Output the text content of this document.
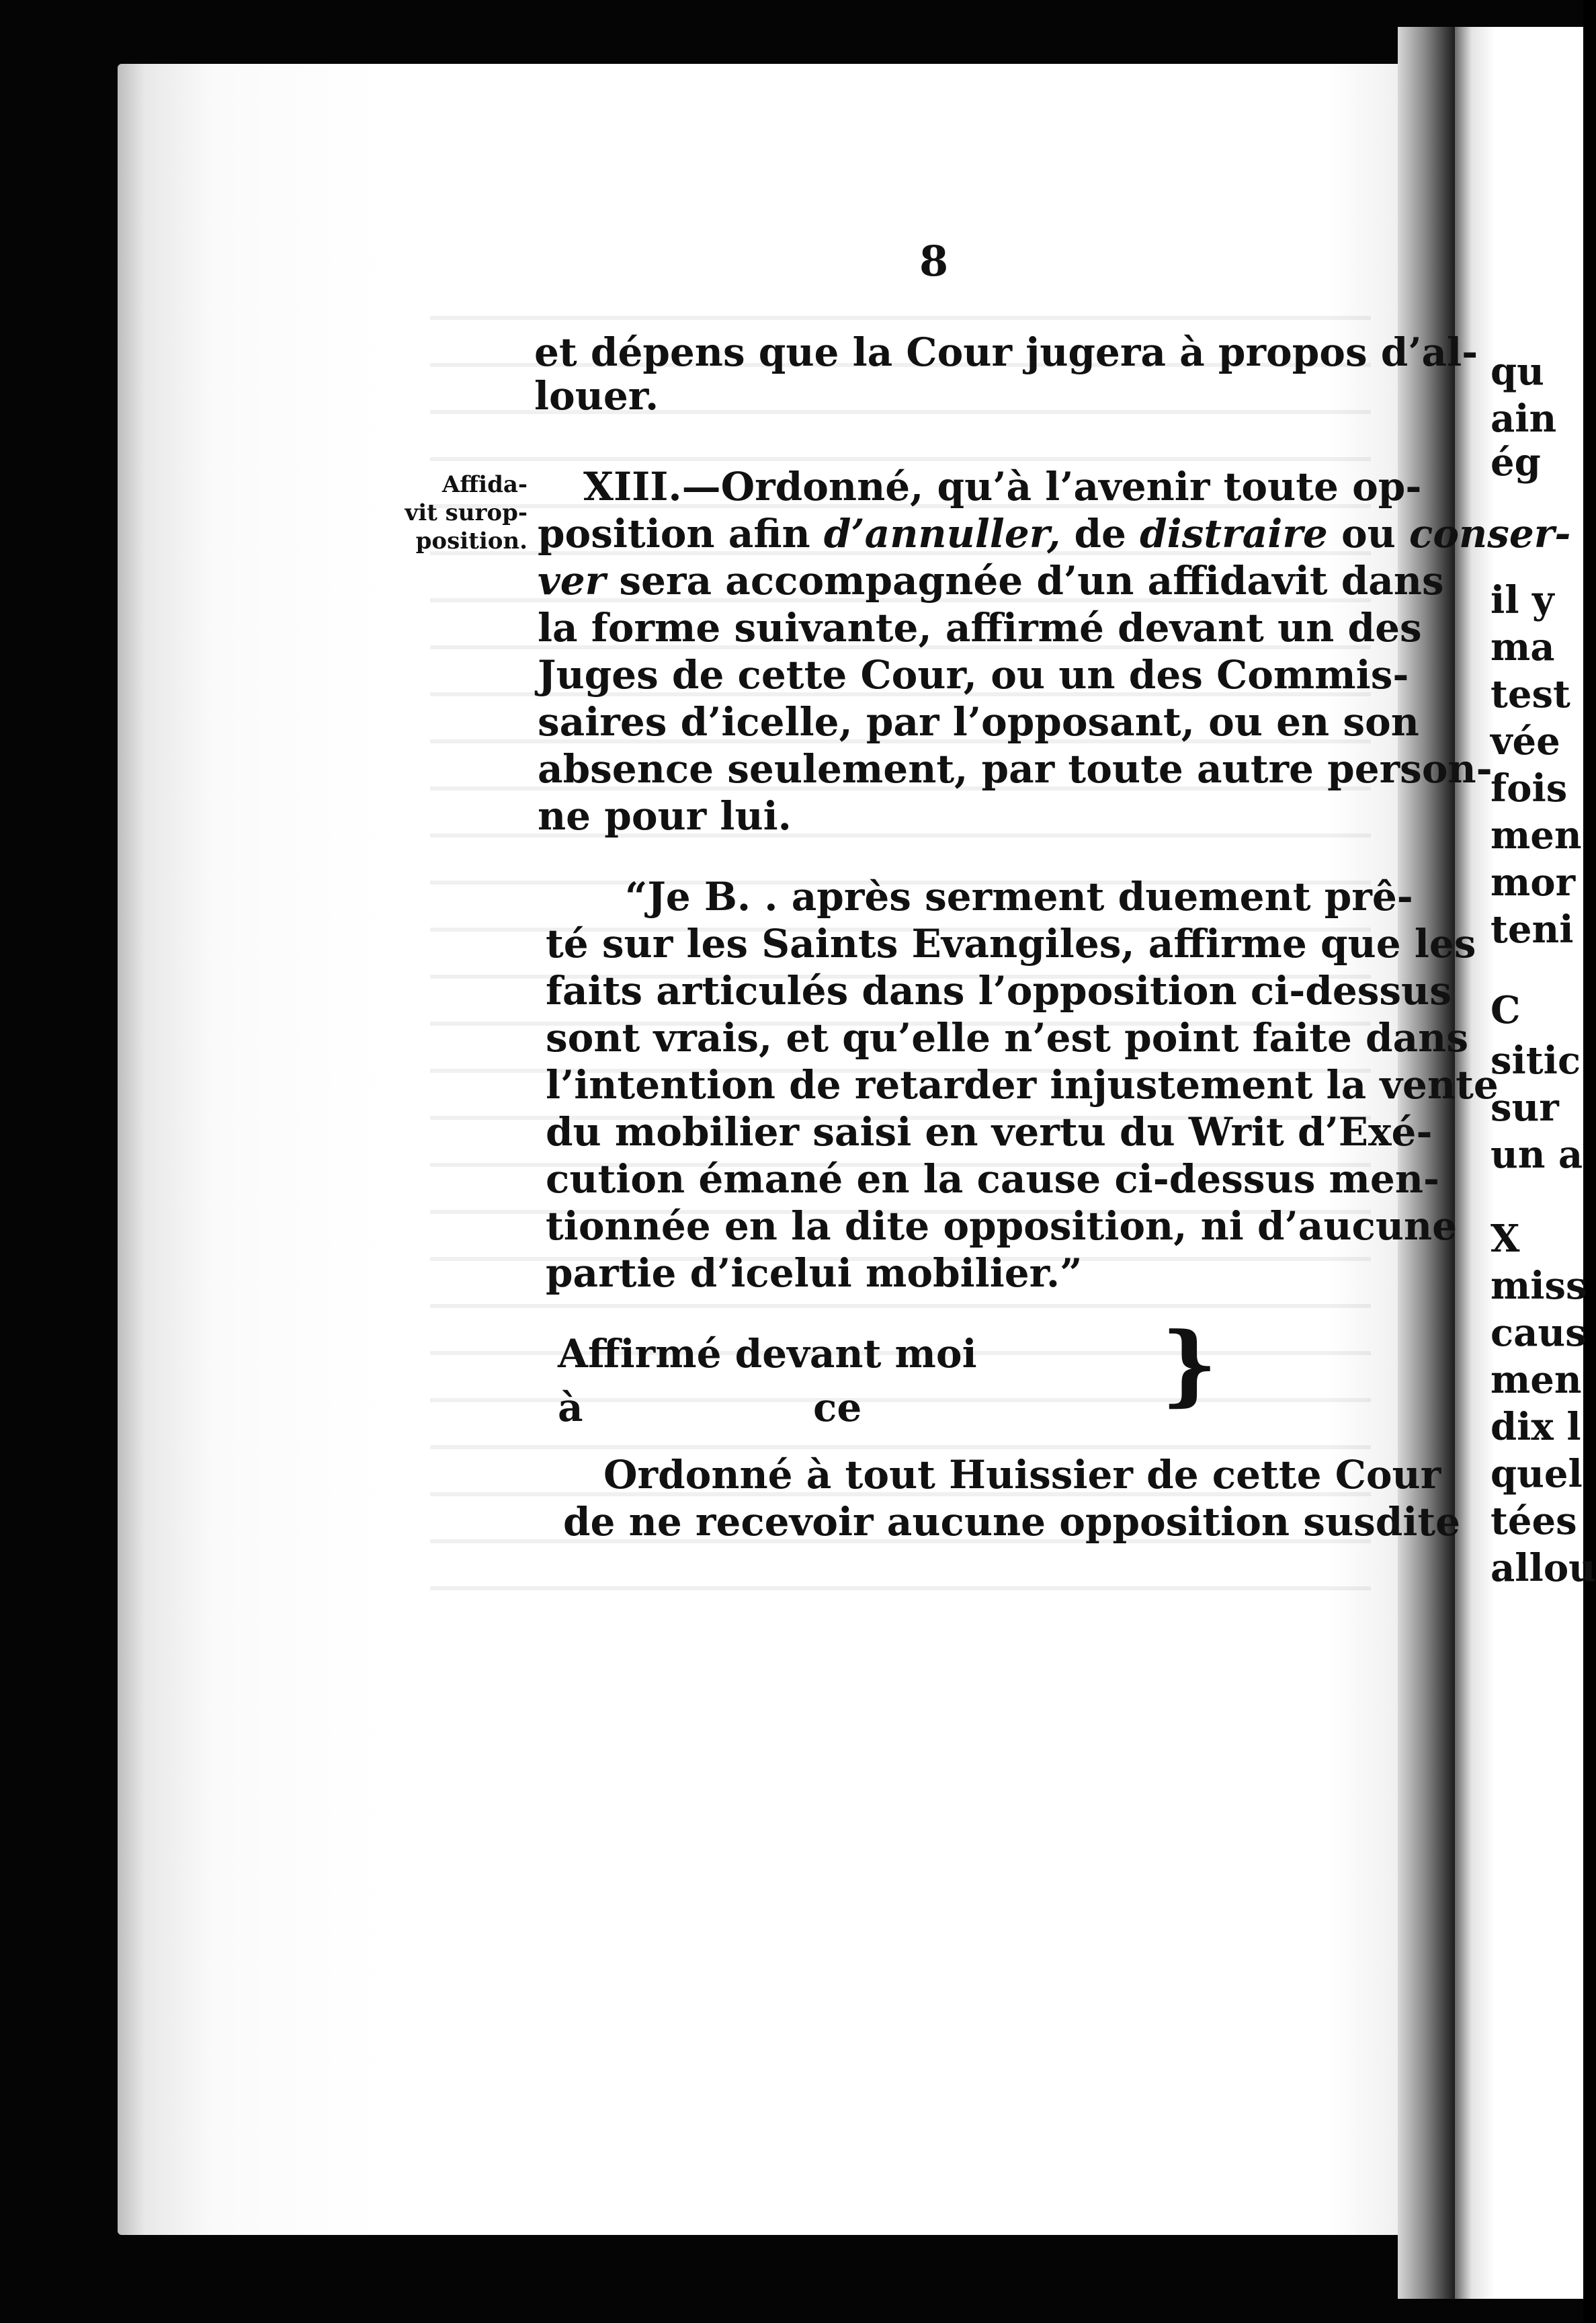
8
Affida-
vit surop-
position.
et dépens que la Cour jugera à propos d’al-
louer.
XIII.—Ordonné, qu’à l’avenir toute op-
position afin d’annuller, de distraire ou conser-
ver sera accompagnée d’un affidavit dans
la forme suivante, affirmé devant un des
Juges de cette Cour, ou un des Commis-
saires d’icelle, par l’opposant, ou en son
absence seulement, par toute autre person-
ne pour lui.
“Je B. . après serment duement prê-
té sur les Saints Evangiles, affirme que les
faits articulés dans l’opposition ci-dessus
sont vrais, et qu’elle n’est point faite dans
l’intention de retarder injustement la vente
du mobilier saisi en vertu du Writ d’Exé-
cution émané en la cause ci-dessus men-
tionnée en la dite opposition, ni d’aucune
partie d’icelui mobilier.”
Affirmé devant moi
à	ce	}
Ordonné à tout Huissier de cette Cour
de ne recevoir aucune opposition susdite
qu
ain
ég
il y
ma
test
vée
fois
men
mor
teni
C
sitic
sur
un a
X
miss
caus
men
dix l
quel
tées
allou
